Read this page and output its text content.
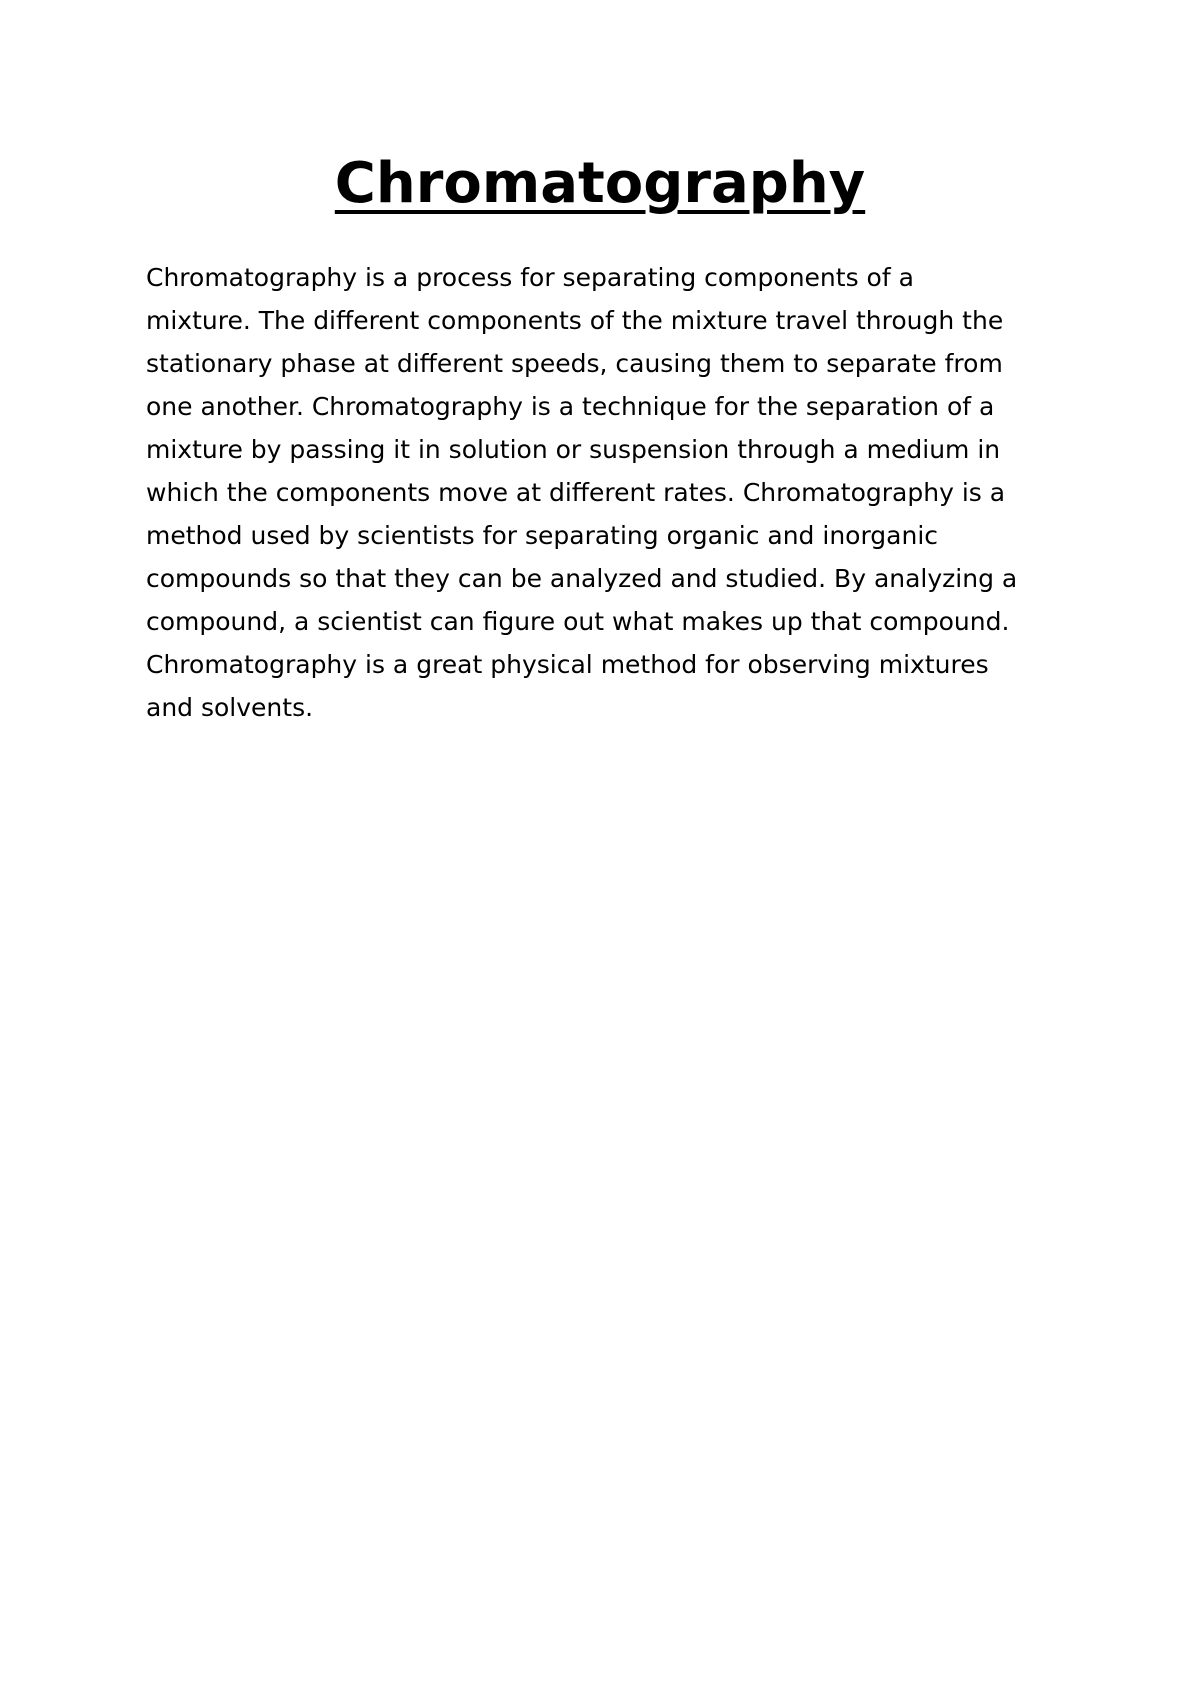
Chromatography

Chromatography is a process for separating components of a
mixture. The different components of the mixture travel through the
stationary phase at different speeds, causing them to separate from
one another. Chromatography is a technique for the separation of a
mixture by passing it in solution or suspension through a medium in
which the components move at different rates. Chromatography is a
method used by scientists for separating organic and inorganic
compounds so that they can be analyzed and studied. By analyzing a
compound, a scientist can figure out what makes up that compound.
Chromatography is a great physical method for observing mixtures
and solvents.
